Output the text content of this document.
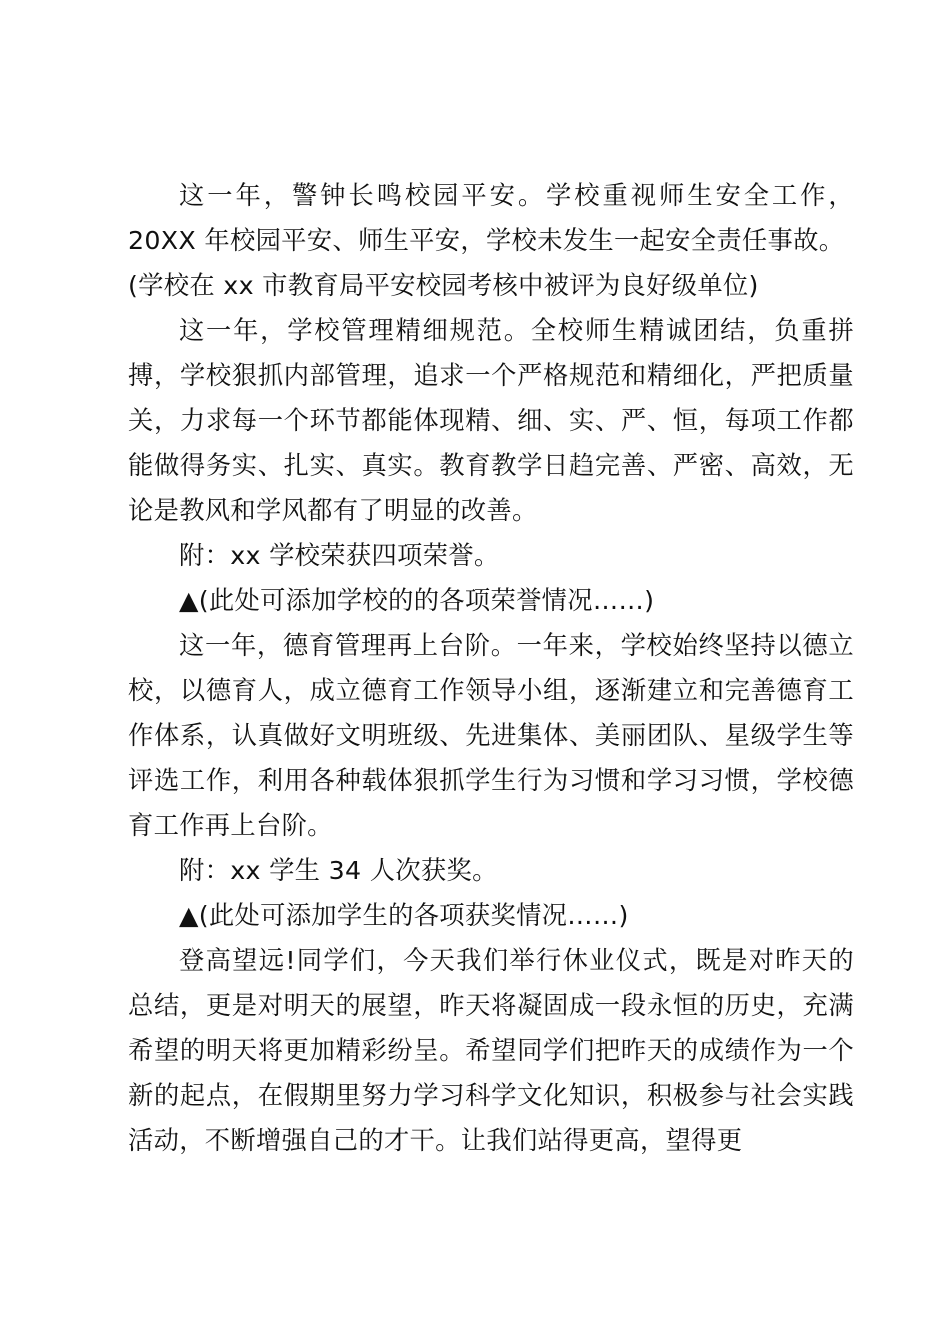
这一年，警钟长鸣校园平安。学校重视师生安全工作，20XX 年校园平安、师生平安，学校未发生一起安全责任事故。

(学校在 xx 市教育局平安校园考核中被评为良好级单位)

这一年，学校管理精细规范。全校师生精诚团结，负重拼搏，学校狠抓内部管理，追求一个严格规范和精细化，严把质量关，力求每一个环节都能体现精、细、实、严、恒，每项工作都能做得务实、扎实、真实。教育教学日趋完善、严密、高效，无论是教风和学风都有了明显的改善。

附：xx 学校荣获四项荣誉。

▲(此处可添加学校的的各项荣誉情况……)

这一年，德育管理再上台阶。一年来，学校始终坚持以德立校，以德育人，成立德育工作领导小组，逐渐建立和完善德育工作体系，认真做好文明班级、先进集体、美丽团队、星级学生等评选工作，利用各种载体狠抓学生行为习惯和学习习惯，学校德育工作再上台阶。

附：xx 学生 34 人次获奖。

▲(此处可添加学生的各项获奖情况……)

登高望远!同学们，今天我们举行休业仪式，既是对昨天的总结，更是对明天的展望，昨天将凝固成一段永恒的历史，充满希望的明天将更加精彩纷呈。希望同学们把昨天的成绩作为一个新的起点，在假期里努力学习科学文化知识，积极参与社会实践活动，不断增强自己的才干。让我们站得更高，望得更
